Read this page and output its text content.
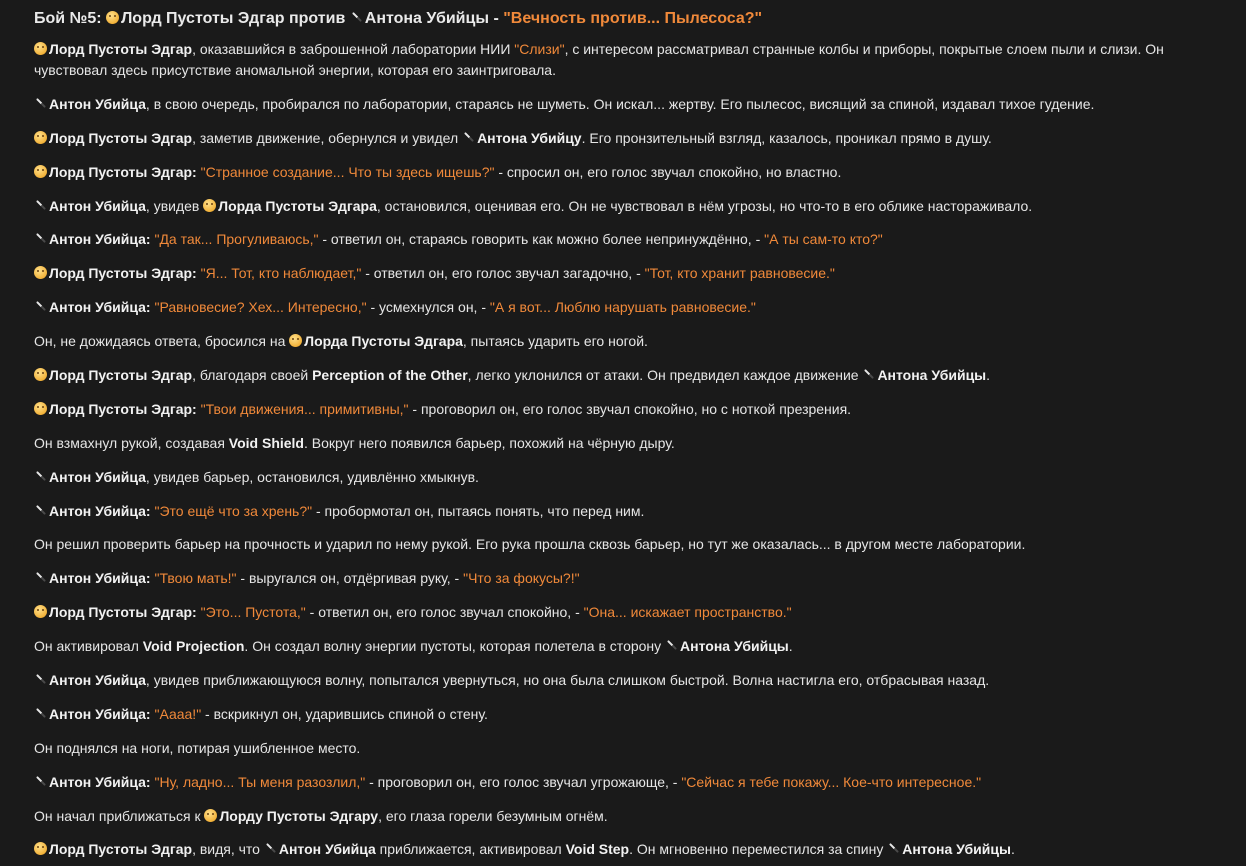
Бой №5: Лорд Пустоты Эдгар против Антона Убийцы - "Вечность против... Пылесоса?"

Лорд Пустоты Эдгар, оказавшийся в заброшенной лаборатории НИИ "Слизи", с интересом рассматривал странные колбы и приборы, покрытые слоем пыли и слизи. Он чувствовал здесь присутствие аномальной энергии, которая его заинтриговала.

Антон Убийца, в свою очередь, пробирался по лаборатории, стараясь не шуметь. Он искал... жертву. Его пылесос, висящий за спиной, издавал тихое гудение.

Лорд Пустоты Эдгар, заметив движение, обернулся и увидел Антона Убийцу. Его пронзительный взгляд, казалось, проникал прямо в душу.

Лорд Пустоты Эдгар: "Странное создание... Что ты здесь ищешь?" - спросил он, его голос звучал спокойно, но властно.

Антон Убийца, увидев Лорда Пустоты Эдгара, остановился, оценивая его. Он не чувствовал в нём угрозы, но что-то в его облике настораживало.

Антон Убийца: "Да так... Прогуливаюсь," - ответил он, стараясь говорить как можно более непринуждённо, - "А ты сам-то кто?"

Лорд Пустоты Эдгар: "Я... Тот, кто наблюдает," - ответил он, его голос звучал загадочно, - "Тот, кто хранит равновесие."

Антон Убийца: "Равновесие? Хех... Интересно," - усмехнулся он, - "А я вот... Люблю нарушать равновесие."

Он, не дожидаясь ответа, бросился на Лорда Пустоты Эдгара, пытаясь ударить его ногой.

Лорд Пустоты Эдгар, благодаря своей Perception of the Other, легко уклонился от атаки. Он предвидел каждое движение Антона Убийцы.

Лорд Пустоты Эдгар: "Твои движения... примитивны," - проговорил он, его голос звучал спокойно, но с ноткой презрения.

Он взмахнул рукой, создавая Void Shield. Вокруг него появился барьер, похожий на чёрную дыру.

Антон Убийца, увидев барьер, остановился, удивлённо хмыкнув.

Антон Убийца: "Это ещё что за хрень?" - пробормотал он, пытаясь понять, что перед ним.

Он решил проверить барьер на прочность и ударил по нему рукой. Его рука прошла сквозь барьер, но тут же оказалась... в другом месте лаборатории.

Антон Убийца: "Твою мать!" - выругался он, отдёргивая руку, - "Что за фокусы?!"

Лорд Пустоты Эдгар: "Это... Пустота," - ответил он, его голос звучал спокойно, - "Она... искажает пространство."

Он активировал Void Projection. Он создал волну энергии пустоты, которая полетела в сторону Антона Убийцы.

Антон Убийца, увидев приближающуюся волну, попытался увернуться, но она была слишком быстрой. Волна настигла его, отбрасывая назад.

Антон Убийца: "Аааа!" - вскрикнул он, ударившись спиной о стену.

Он поднялся на ноги, потирая ушибленное место.

Антон Убийца: "Ну, ладно... Ты меня разозлил," - проговорил он, его голос звучал угрожающе, - "Сейчас я тебе покажу... Кое-что интересное."

Он начал приближаться к Лорду Пустоты Эдгару, его глаза горели безумным огнём.

Лорд Пустоты Эдгар, видя, что Антон Убийца приближается, активировал Void Step. Он мгновенно переместился за спину Антона Убийцы.
